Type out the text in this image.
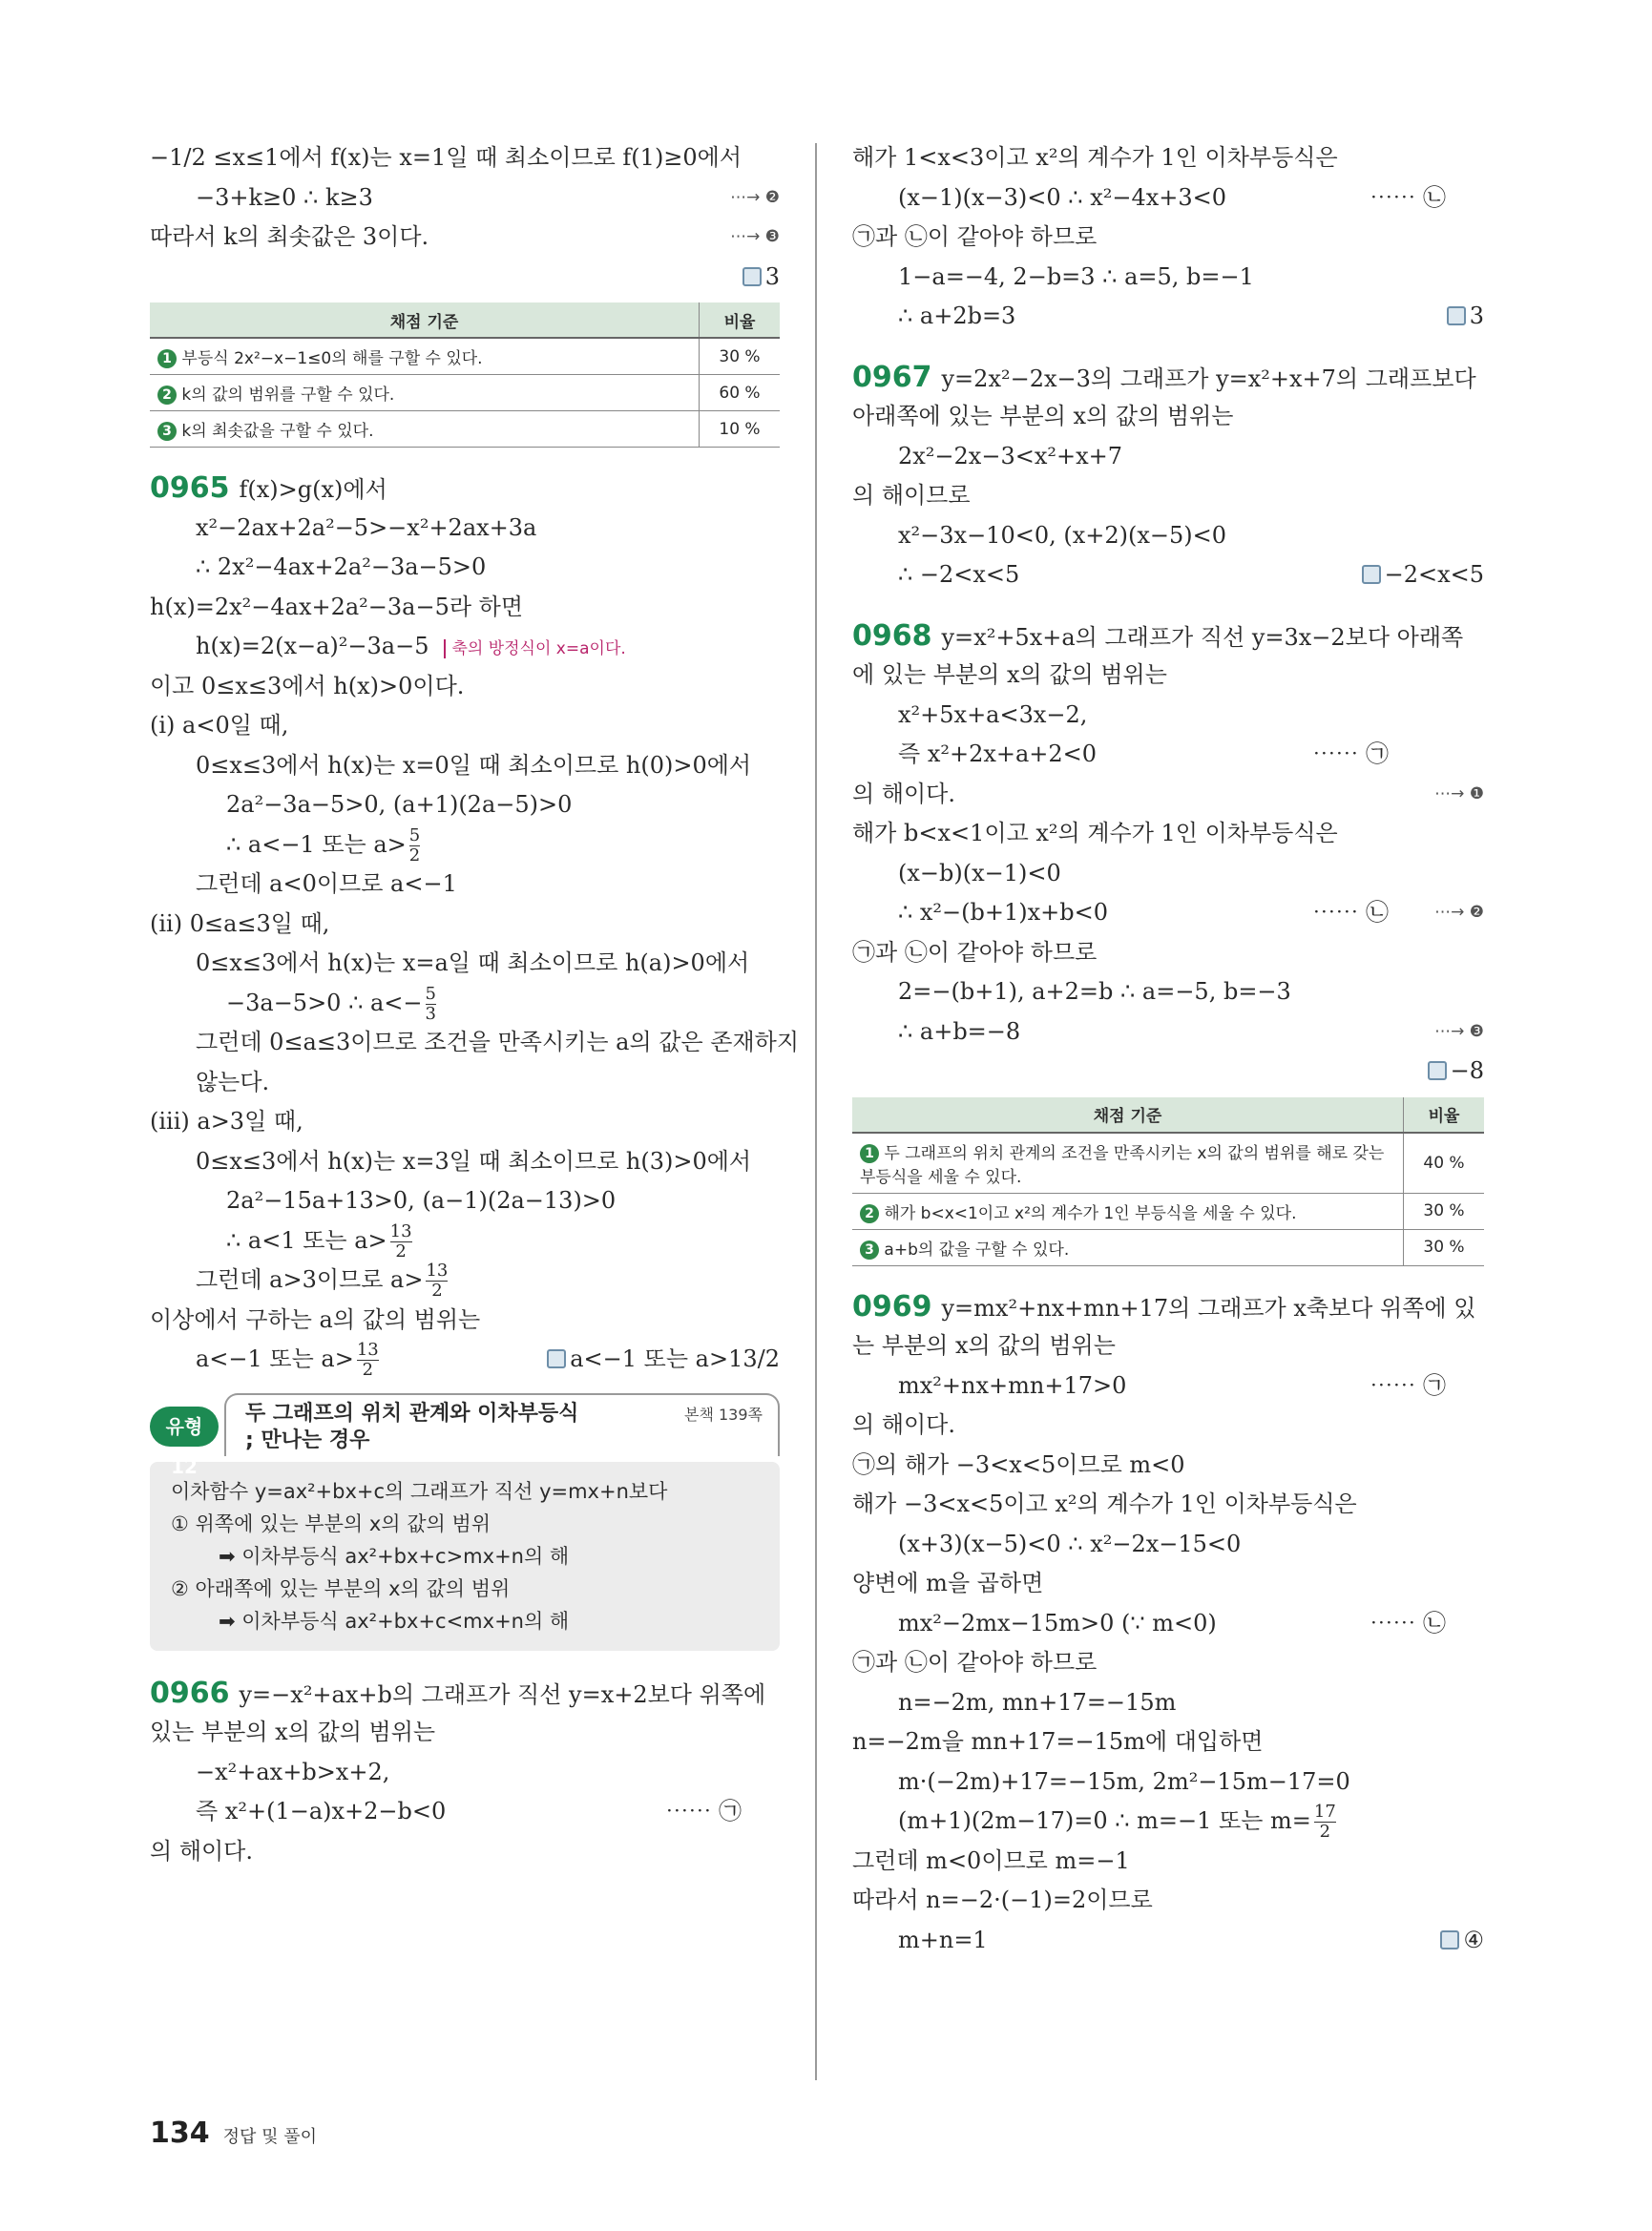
−1/2 ≤x≤1에서 f(x)는 x=1일 때 최소이므로 f(1)≥0에서
−3+k≥0 ∴ k≥3	⋯→ ❷
따라서 k의 최솟값은 3이다.	⋯→ ❸
3
채점 기준	비율
1 부등식 2x²−x−1≤0의 해를 구할 수 있다.	30 %
2 k의 값의 범위를 구할 수 있다.	60 %
3 k의 최솟값을 구할 수 있다.	10 %
0965 f(x)>g(x)에서
x²−2ax+2a²−5>−x²+2ax+3a
∴ 2x²−4ax+2a²−3a−5>0
h(x)=2x²−4ax+2a²−3a−5라 하면
h(x)=2(x−a)²−3a−5 축의 방정식이 x=a이다.
이고 0≤x≤3에서 h(x)>0이다.
(i) a<0일 때,
0≤x≤3에서 h(x)는 x=0일 때 최소이므로 h(0)>0에서
2a²−3a−5>0, (a+1)(2a−5)>0
∴ a<−1 또는 $a> \frac{5}{2}$
그런데 a<0이므로 a<−1
(ii) 0≤a≤3일 때,
0≤x≤3에서 h(x)는 x=a일 때 최소이므로 h(a)>0에서
−3a−5>0 ∴ $a<- \frac{5}{3}$
그런데 0≤a≤3이므로 조건을 만족시키는 a의 값은 존재하지
않는다.
(iii) a>3일 때,
0≤x≤3에서 h(x)는 x=3일 때 최소이므로 h(3)>0에서
2a²−15a+13>0, (a−1)(2a−13)>0
∴ a<1 또는 $a> \frac{13}{2}$
그런데 a>3이므로 $a> \frac{13}{2}$
이상에서 구하는 a의 값의 범위는
a<−1 또는 $a> \frac{13}{2}$	a<−1 또는 a>13/2
유형 12
두 그래프의 위치 관계와 이차부등식
; 만나는 경우
본책 139쪽
이차함수 y=ax²+bx+c의 그래프가 직선 y=mx+n보다
① 위쪽에 있는 부분의 x의 값의 범위
➡ 이차부등식 ax²+bx+c>mx+n의 해
② 아래쪽에 있는 부분의 x의 값의 범위
➡ 이차부등식 ax²+bx+c<mx+n의 해
0966 y=−x²+ax+b의 그래프가 직선 y=x+2보다 위쪽에
있는 부분의 x의 값의 범위는
−x²+ax+b>x+2,
즉 x²+(1−a)x+2−b<0	⋯⋯ ㉠
의 해이다.
해가 1<x<3이고 x²의 계수가 1인 이차부등식은
(x−1)(x−3)<0 ∴ x²−4x+3<0	⋯⋯ ㉡
㉠과 ㉡이 같아야 하므로
1−a=−4, 2−b=3 ∴ a=5, b=−1
∴ a+2b=3	3
0967 y=2x²−2x−3의 그래프가 y=x²+x+7의 그래프보다
아래쪽에 있는 부분의 x의 값의 범위는
2x²−2x−3<x²+x+7
의 해이므로
x²−3x−10<0, (x+2)(x−5)<0
∴ −2<x<5	−2<x<5
0968 y=x²+5x+a의 그래프가 직선 y=3x−2보다 아래쪽
에 있는 부분의 x의 값의 범위는
x²+5x+a<3x−2,
즉 x²+2x+a+2<0	⋯⋯ ㉠
의 해이다.	⋯→ ❶
해가 b<x<1이고 x²의 계수가 1인 이차부등식은
(x−b)(x−1)<0
∴ x²−(b+1)x+b<0	⋯⋯ ㉡	⋯→ ❷
㉠과 ㉡이 같아야 하므로
2=−(b+1), a+2=b ∴ a=−5, b=−3
∴ a+b=−8	⋯→ ❸
−8
채점 기준	비율
1 두 그래프의 위치 관계의 조건을 만족시키는 x의 값의 범위를 해로 갖는 부등식을 세울 수 있다.	40 %
2 해가 b<x<1이고 x²의 계수가 1인 부등식을 세울 수 있다.	30 %
3 a+b의 값을 구할 수 있다.	30 %
0969 y=mx²+nx+mn+17의 그래프가 x축보다 위쪽에 있
는 부분의 x의 값의 범위는
mx²+nx+mn+17>0	⋯⋯ ㉠
의 해이다.
㉠의 해가 −3<x<5이므로 m<0
해가 −3<x<5이고 x²의 계수가 1인 이차부등식은
(x+3)(x−5)<0 ∴ x²−2x−15<0
양변에 m을 곱하면
mx²−2mx−15m>0 (∵ m<0)	⋯⋯ ㉡
㉠과 ㉡이 같아야 하므로
n=−2m, mn+17=−15m
n=−2m을 mn+17=−15m에 대입하면
m·(−2m)+17=−15m, 2m²−15m−17=0
(m+1)(2m−17)=0 ∴ m=−1 또는 $m= \frac{17}{2}$
그런데 m<0이므로 m=−1
따라서 n=−2·(−1)=2이므로
m+n=1	④
134 정답 및 풀이
